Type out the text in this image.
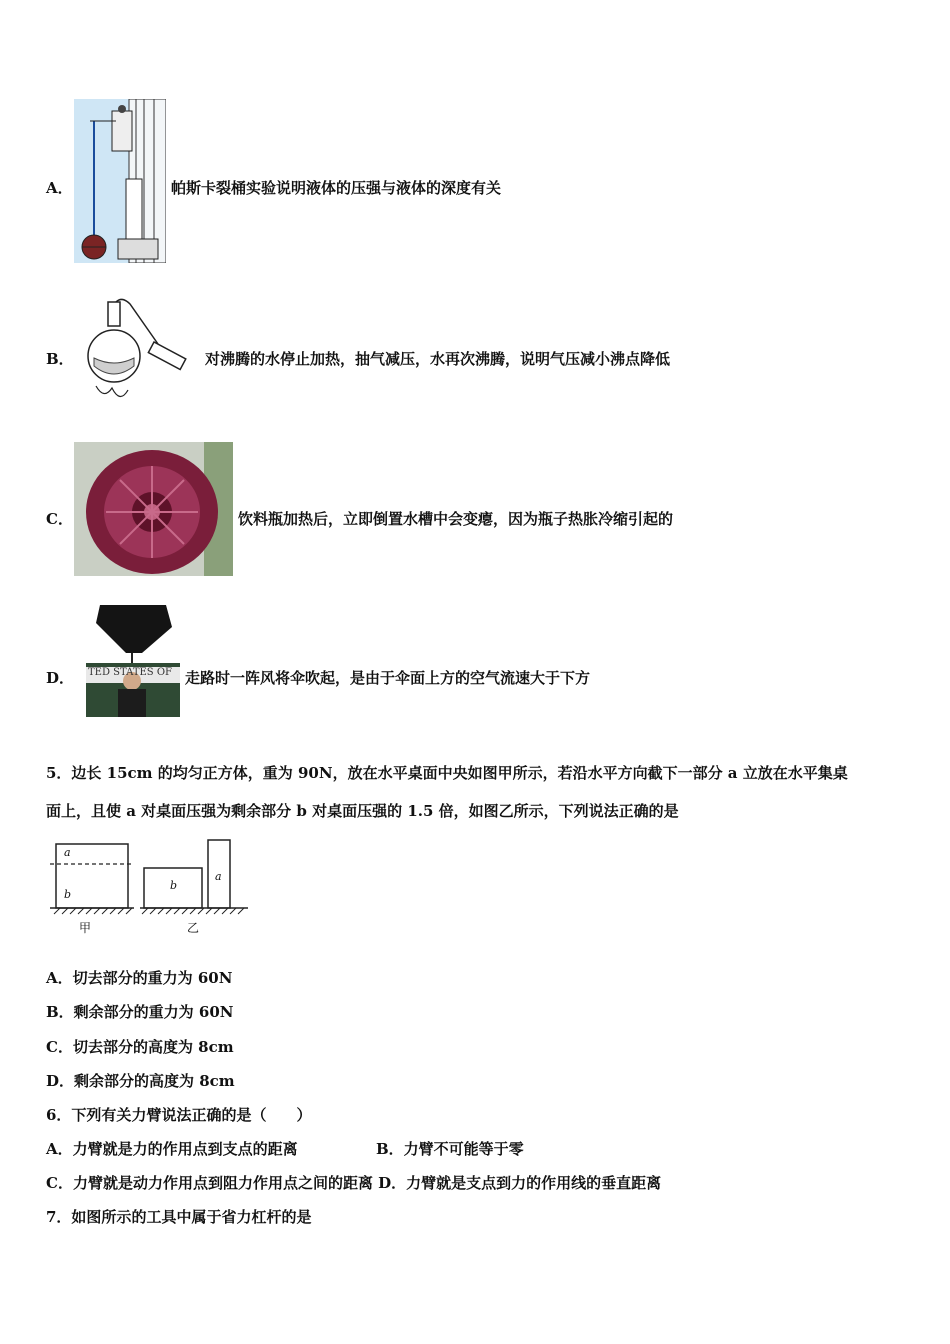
A．	帕斯卡裂桶实验说明液体的压强与液体的深度有关
B．	对沸腾的水停止加热，抽气减压，水再次沸腾，说明气压减小沸点降低
C．	饮料瓶加热后，立即倒置水槽中会变瘪，因为瓶子热胀冷缩引起的
D． TED STATES OF 走路时一阵风将伞吹起，是由于伞面上方的空气流速大于下方
5．边长 15cm 的均匀正方体，重为 90N，放在水平桌面中央如图甲所示，若沿水平方向截下一部分 a 立放在水平集桌
面上，且使 a 对桌面压强为剩余部分 b 对桌面压强的 1.5 倍，如图乙所示，下列说法正确的是
a
b
b
a
甲	乙
A．切去部分的重力为 60N
B．剩余部分的重力为 60N
C．切去部分的高度为 8cm
D．剩余部分的高度为 8cm
6．下列有关力臂说法正确的是（　　）
A．力臂就是力的作用点到支点的距离	B．力臂不可能等于零
C．力臂就是动力作用点到阻力作用点之间的距离 D．力臂就是支点到力的作用线的垂直距离
7．如图所示的工具中属于省力杠杆的是
